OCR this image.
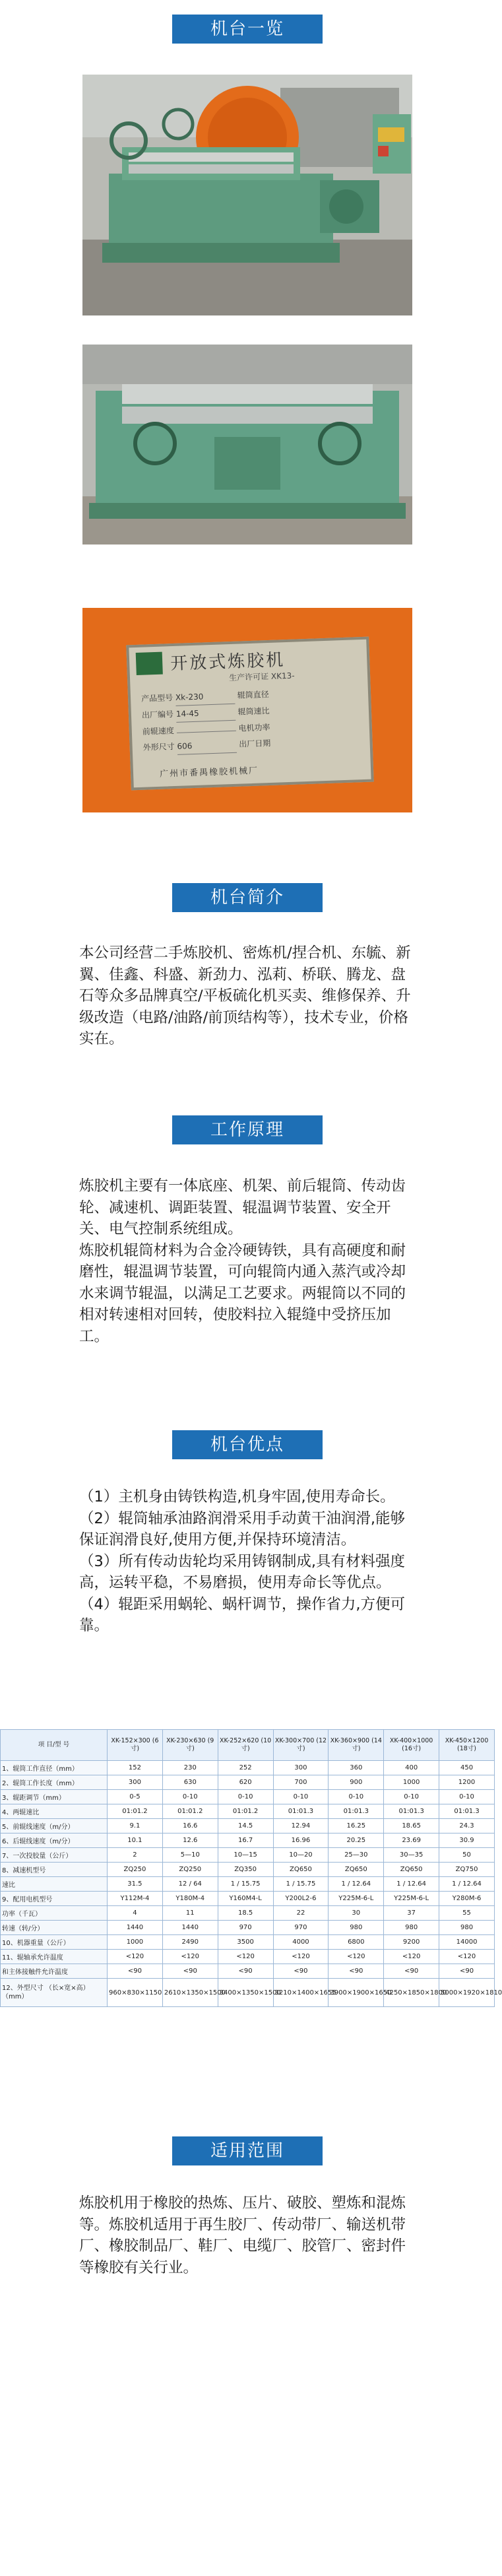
机台一览
开放式炼胶机
生产许可证 XK13-
产品型号 Xk-230	辊筒直径
出厂编号 14-45	辊筒速比
前辊速度	电机功率
外形尺寸 606	出厂日期
广州市番禺橡胶机械厂
机台简介

本公司经营二手炼胶机、密炼机/捏合机、东毓、新翼、佳鑫、科盛、新劲力、泓莉、桥联、腾龙、盘石等众多品牌真空/平板硫化机买卖、维修保养、升级改造（电路/油路/前顶结构等），技术专业，价格实在。

工作原理

炼胶机主要有一体底座、机架、前后辊筒、传动齿轮、减速机、调距装置、辊温调节装置、安全开关、电气控制系统组成。

炼胶机辊筒材料为合金冷硬铸铁，具有高硬度和耐磨性，辊温调节装置，可向辊筒内通入蒸汽或冷却水来调节辊温，以满足工艺要求。两辊筒以不同的相对转速相对回转，使胶料拉入辊缝中受挤压加工。

机台优点

（1）主机身由铸铁构造,机身牢固,使用寿命长。

（2）辊筒轴承油路润滑采用手动黄干油润滑,能够保证润滑良好,使用方便,并保持环境清洁。

（3）所有传动齿轮均采用铸钢制成,具有材料强度高，运转平稳，不易磨损，使用寿命长等优点。

（4）辊距采用蜗轮、蜗杆调节，操作省力,方便可靠。

项 目/型 号	XK-152×300 (6寸)	XK-230×630 (9寸)	XK-252×620 (10寸)	XK-300×700 (12寸)	XK-360×900 (14寸)	XK-400×1000 (16寸)	XK-450×1200 (18寸)
1、辊筒工作直径（mm）	152	230	252	300	360	400	450
2、辊筒工作长度（mm）	300	630	620	700	900	1000	1200
3、辊距调节（mm）	0-5	0-10	0-10	0-10	0-10	0-10	0-10
4、两辊速比	01:01.2	01:01.2	01:01.2	01:01.3	01:01.3	01:01.3	01:01.3
5、前辊线速度（m/分）	9.1	16.6	14.5	12.94	16.25	18.65	24.3
6、后辊线速度（m/分）	10.1	12.6	16.7	16.96	20.25	23.69	30.9
7、一次投胶量（公斤）	2	5—10	10—15	10—20	25—30	30—35	50
8、减速机型号	ZQ250	ZQ250	ZQ350	ZQ650	ZQ650	ZQ650	ZQ750
速比	31.5	12 / 64	1 / 15.75	1 / 15.75	1 / 12.64	1 / 12.64	1 / 12.64
9、配用电机型号	Y112M-4	Y180M-4	Y160M4-L	Y200L2-6	Y225M-6-L	Y225M-6-L	Y280M-6
功率（千瓦）	4	11	18.5	22	30	37	55
转速（转/分）	1440	1440	970	970	980	980	980
10、机器重量（公斤）	1000	2490	3500	4000	6800	9200	14000
11、辊轴承允许温度	<120	<120	<120	<120	<120	<120	<120
和主体接触件允许温度	<90	<90	<90	<90	<90	<90	<90
12、外型尺寸 （长×宽×高）（mm）	960×830×1150	2610×1350×1500	3400×1350×1500	3210×1400×1655	3900×1900×1650	4250×1850×1800	5000×1920×1810
适用范围

炼胶机用于橡胶的热炼、压片、破胶、塑炼和混炼等。炼胶机适用于再生胶厂、传动带厂、输送机带厂、橡胶制品厂、鞋厂、电缆厂、胶管厂、密封件等橡胶有关行业。
